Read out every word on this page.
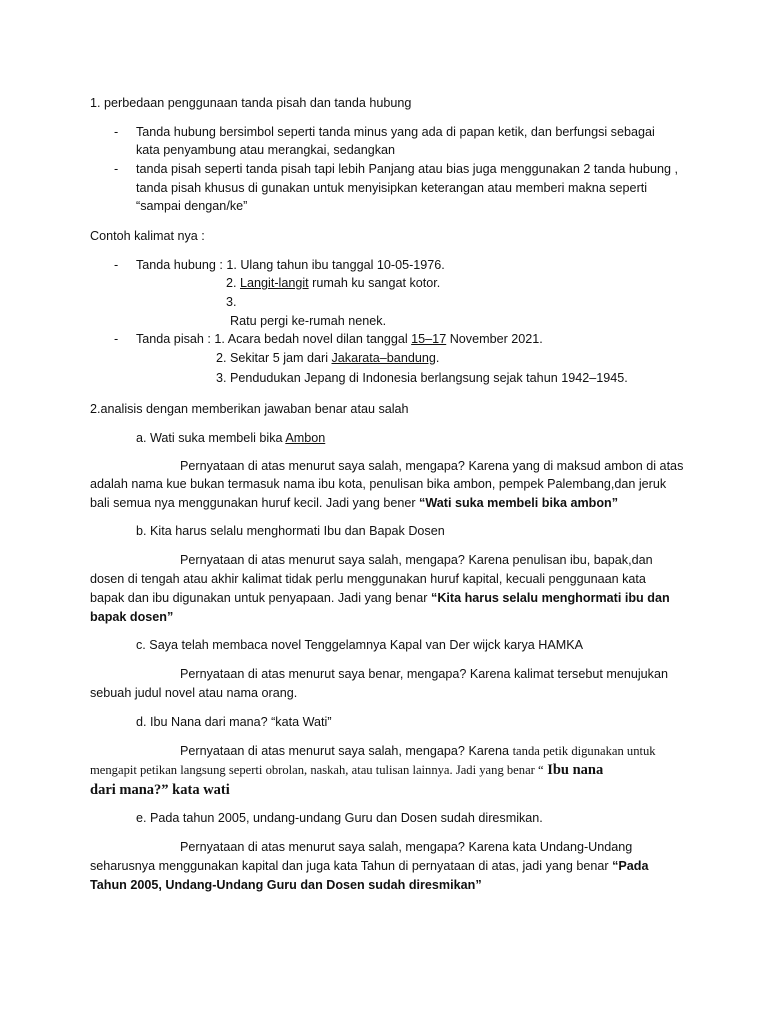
1. perbedaan penggunaan tanda pisah dan tanda hubung

- Tanda hubung bersimbol seperti tanda minus yang ada di papan ketik, dan berfungsi sebagai

kata penyambung atau merangkai, sedangkan

- tanda pisah seperti tanda pisah tapi lebih Panjang atau bias juga menggunakan 2 tanda hubung ,

tanda pisah khusus di gunakan untuk menyisipkan keterangan atau memberi makna seperti

“sampai dengan/ke”

Contoh kalimat nya :

- Tanda hubung : 1. Ulang tahun ibu tanggal 10-05-1976.

2. Langit-langit rumah ku sangat kotor.

3.

Ratu pergi ke-rumah nenek.

- Tanda pisah : 1. Acara bedah novel dilan tanggal 15–17 November 2021.

2. Sekitar 5 jam dari Jakarata–bandung.

3. Pendudukan Jepang di Indonesia berlangsung sejak tahun 1942–1945.

2.analisis dengan memberikan jawaban benar atau salah

a. Wati suka membeli bika Ambon

Pernyataan di atas menurut saya salah, mengapa? Karena yang di maksud ambon di atas

adalah nama kue bukan termasuk nama ibu kota, penulisan bika ambon, pempek Palembang,dan jeruk

bali semua nya menggunakan huruf kecil. Jadi yang bener “Wati suka membeli bika ambon”

b. Kita harus selalu menghormati Ibu dan Bapak Dosen

Pernyataan di atas menurut saya salah, mengapa? Karena penulisan ibu, bapak,dan

dosen di tengah atau akhir kalimat tidak perlu menggunakan huruf kapital, kecuali penggunaan kata

bapak dan ibu digunakan untuk penyapaan. Jadi yang benar “Kita harus selalu menghormati ibu dan

bapak dosen”

c. Saya telah membaca novel Tenggelamnya Kapal van Der wijck karya HAMKA

Pernyataan di atas menurut saya benar, mengapa? Karena kalimat tersebut menujukan

sebuah judul novel atau nama orang.

d. Ibu Nana dari mana? “kata Wati”

Pernyataan di atas menurut saya salah, mengapa? Karena tanda petik digunakan untuk

mengapit petikan langsung seperti obrolan, naskah, atau tulisan lainnya. Jadi yang benar “ Ibu nana

dari mana?” kata wati

e. Pada tahun 2005, undang-undang Guru dan Dosen sudah diresmikan.

Pernyataan di atas menurut saya salah, mengapa? Karena kata Undang-Undang

seharusnya menggunakan kapital dan juga kata Tahun di pernyataan di atas, jadi yang benar “Pada

Tahun 2005, Undang-Undang Guru dan Dosen sudah diresmikan”
